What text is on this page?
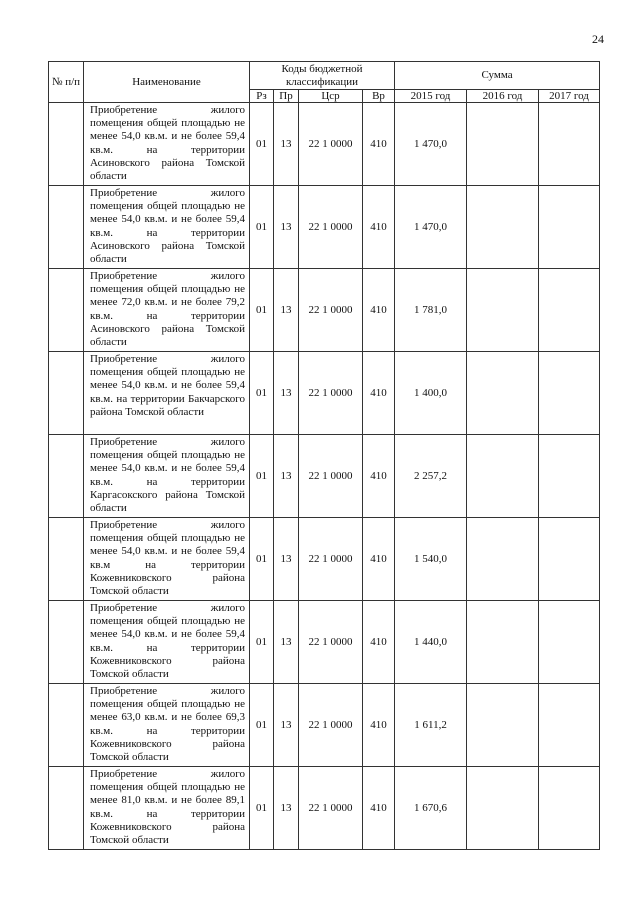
24
№ п/п	Наименование	Коды бюджетной классификации				Сумма		
		Рз	Пр	Цср	Вр	2015 год	2016 год	2017 год
	Приобретение жилого помещения общей площадью не менее 54,0 кв.м. и не более 59,4 кв.м. на территории Асиновского района Томской области	01	13	22 1 0000	410	1 470,0		
	Приобретение жилого помещения общей площадью не менее 54,0 кв.м. и не более 59,4 кв.м. на территории Асиновского района Томской области	01	13	22 1 0000	410	1 470,0		
	Приобретение жилого помещения общей площадью не менее 72,0 кв.м. и не более 79,2 кв.м. на территории Асиновского района Томской области	01	13	22 1 0000	410	1 781,0		
	Приобретение жилого помещения общей площадью не менее 54,0 кв.м. и не более 59,4 кв.м. на территории Бакчарского района Томской области	01	13	22 1 0000	410	1 400,0		
	Приобретение жилого помещения общей площадью не менее 54,0 кв.м. и не более 59,4 кв.м. на территории Каргасокского района Томской области	01	13	22 1 0000	410	2 257,2		
	Приобретение жилого помещения общей площадью не менее 54,0 кв.м. и не более 59,4 кв.м на территории Кожевниковского района Томской области	01	13	22 1 0000	410	1 540,0		
	Приобретение жилого помещения общей площадью не менее 54,0 кв.м. и не более 59,4 кв.м. на территории Кожевниковского района Томской области	01	13	22 1 0000	410	1 440,0		
	Приобретение жилого помещения общей площадью не менее 63,0 кв.м. и не более 69,3 кв.м. на территории Кожевниковского района Томской области	01	13	22 1 0000	410	1 611,2		
	Приобретение жилого помещения общей площадью не менее 81,0 кв.м. и не более 89,1 кв.м. на территории Кожевниковского района Томской области	01	13	22 1 0000	410	1 670,6		
